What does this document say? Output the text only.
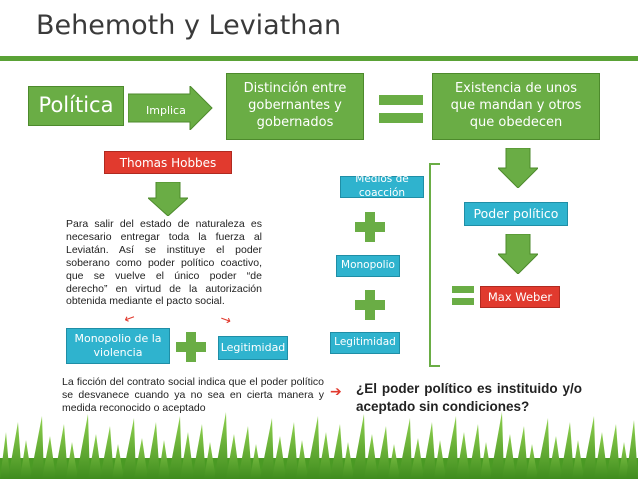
Behemoth y Leviathan
Política	Implica
Distinción entre gobernantes y gobernados
Existencia de unos que mandan y otros que obedecen
Thomas Hobbes
Para salir del estado de naturaleza es necesario entregar toda la fuerza al Leviatán. Así se instituye el poder soberano como poder político coactivo, que se vuelve el único poder “de derecho” en virtud de la autorización obtenida mediante el pacto social.
↙	↘
Monopolio de la violencia	Legitimidad
Medios de coacción
Monopolio
Legitimidad
Poder político
Max Weber
La ficción del contrato social indica que el poder político se desvanece cuando ya no sea en cierta manera y medida reconocido o aceptado
➔	¿El poder político es instituido y/o aceptado sin condiciones?
